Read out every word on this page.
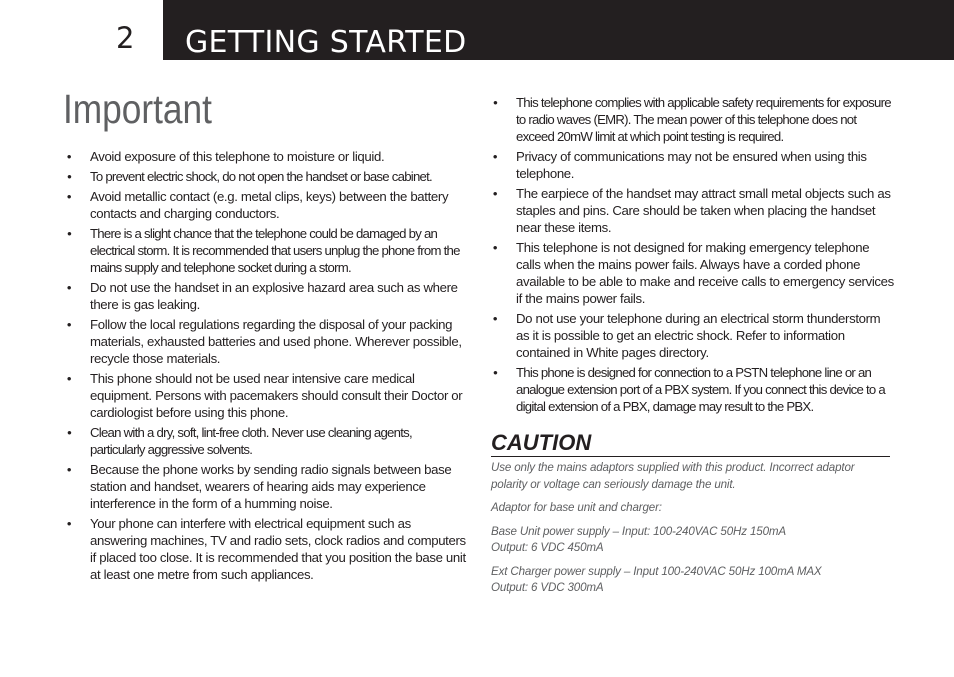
2 GETTING STARTED
Important
• Avoid exposure of this telephone to moisture or liquid.
• To prevent electric shock, do not open the handset or base cabinet.
• Avoid metallic contact (e.g. metal clips, keys) between the battery contacts and charging conductors.
• There is a slight chance that the telephone could be damaged by an electrical storm. It is recommended that users unplug the phone from the mains supply and telephone socket during a storm.
• Do not use the handset in an explosive hazard area such as where there is gas leaking.
• Follow the local regulations regarding the disposal of your packing materials, exhausted batteries and used phone. Wherever possible, recycle those materials.
• This phone should not be used near intensive care medical equipment. Persons with pacemakers should consult their Doctor or cardiologist before using this phone.
• Clean with a dry, soft, lint-free cloth. Never use cleaning agents, particularly aggressive solvents.
• Because the phone works by sending radio signals between base station and handset, wearers of hearing aids may experience interference in the form of a humming noise.
• Your phone can interfere with electrical equipment such as answering machines, TV and radio sets, clock radios and computers if placed too close. It is recommended that you position the base unit at least one metre from such appliances.
• This telephone complies with applicable safety requirements for exposure to radio waves (EMR). The mean power of this telephone does not exceed 20mW limit at which point testing is required.
• Privacy of communications may not be ensured when using this telephone.
• The earpiece of the handset may attract small metal objects such as staples and pins. Care should be taken when placing the handset near these items.
• This telephone is not designed for making emergency telephone calls when the mains power fails. Always have a corded phone available to be able to make and receive calls to emergency services if the mains power fails.
• Do not use your telephone during an electrical storm thunderstorm as it is possible to get an electric shock. Refer to information contained in White pages directory.
• This phone is designed for connection to a PSTN telephone line or an analogue extension port of a PBX system. If you connect this device to a digital extension of a PBX, damage may result to the PBX.
CAUTION

Use only the mains adaptors supplied with this product. Incorrect adaptor polarity or voltage can seriously damage the unit.

Adaptor for base unit and charger:

Base Unit power supply – Input: 100-240VAC 50Hz 150mA
Output: 6 VDC 450mA

Ext Charger power supply – Input 100-240VAC 50Hz 100mA MAX
Output: 6 VDC 300mA
